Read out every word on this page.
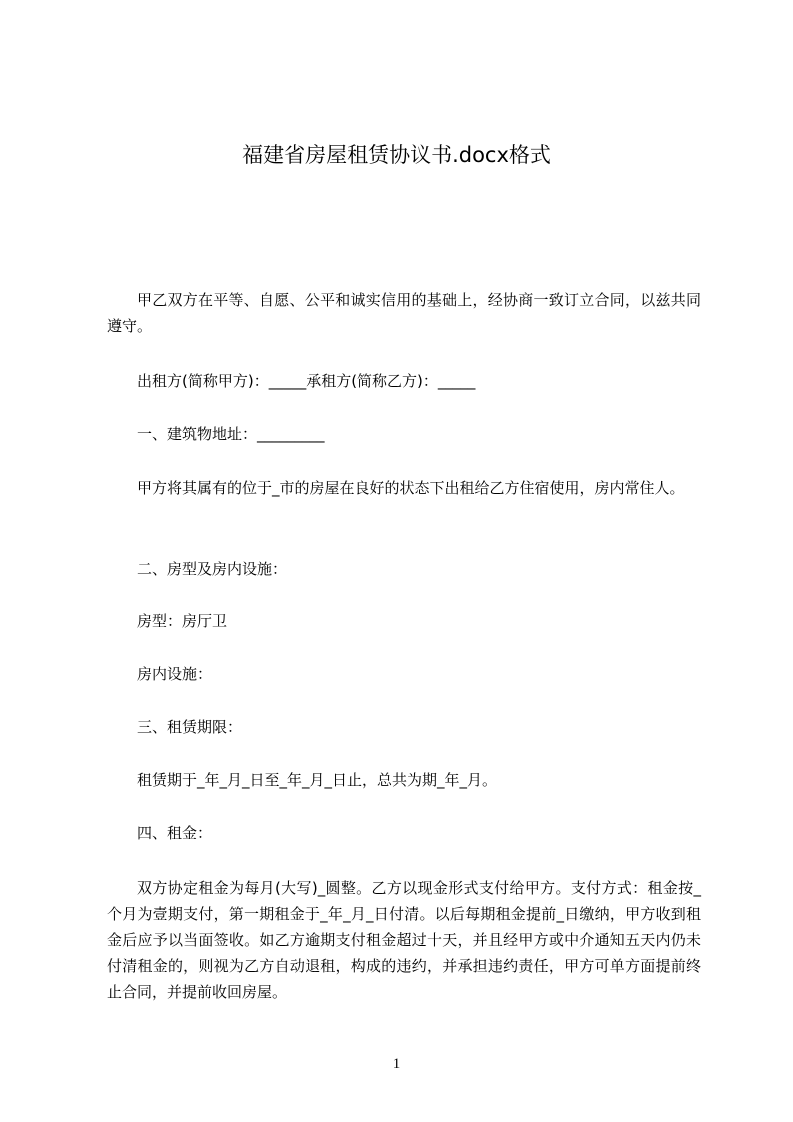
福建省房屋租赁协议书.docx格式

甲乙双方在平等、自愿、公平和诚实信用的基础上，经协商一致订立合同，以兹共同遵守。

出租方(简称甲方)：_____承租方(简称乙方)：_____

一、建筑物地址：_________

甲方将其属有的位于_市的房屋在良好的状态下出租给乙方住宿使用，房内常住人。

二、房型及房内设施：

房型：房厅卫

房内设施：

三、租赁期限：

租赁期于_年_月_日至_年_月_日止，总共为期_年_月。

四、租金：

双方协定租金为每月(大写)_圆整。乙方以现金形式支付给甲方。支付方式：租金按_个月为壹期支付，第一期租金于_年_月_日付清。以后每期租金提前_日缴纳，甲方收到租金后应予以当面签收。如乙方逾期支付租金超过十天，并且经甲方或中介通知五天内仍未付清租金的，则视为乙方自动退租，构成的违约，并承担违约责任，甲方可单方面提前终止合同，并提前收回房屋。

1
